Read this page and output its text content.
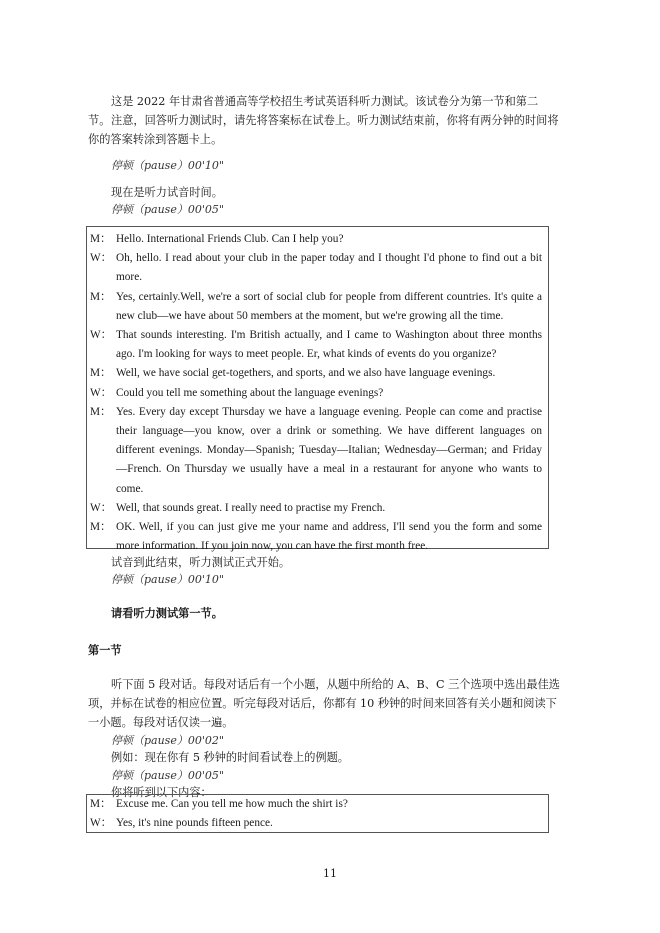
这是 2022 年甘肃省普通高等学校招生考试英语科听力测试。该试卷分为第一节和第二节。 注意，回答听力测试时，请先将答案标在试卷上。听力测试结束前，你将有两分钟的时间将你的答案转涂到答题卡上。
停顿（pause）00'10"
现在是听力试音时间。
停顿（pause）00'05"
M： Hello. International Friends Club. Can I help you?
W： Oh, hello. I read about your club in the paper today and I thought I'd phone to find out a bit more.
M： Yes, certainly.Well, we're a sort of social club for people from different countries. It's quite a new club—we have about 50 members at the moment, but we're growing all the time.
W： That sounds interesting. I'm British actually, and I came to Washington about three months ago. I'm looking for ways to meet people. Er, what kinds of events do you organize?
M： Well, we have social get-togethers, and sports, and we also have language evenings.
W： Could you tell me something about the language evenings?
M： Yes. Every day except Thursday we have a language evening. People can come and practise their language—you know, over a drink or something. We have different languages on different evenings. Monday—Spanish; Tuesday—Italian; Wednesday—German; and Friday—French. On Thursday we usually have a meal in a restaurant for anyone who wants to come.
W： Well, that sounds great. I really need to practise my French.
M： OK. Well, if you can just give me your name and address, I'll send you the form and some more information. If you join now, you can have the first month free.
试音到此结束，听力测试正式开始。
停顿（pause）00'10"
请看听力测试第一节。
第一节
听下面 5 段对话。每段对话后有一个小题，从题中所给的 A、B、C 三个选项中选出最佳选项，并标在试卷的相应位置。听完每段对话后，你都有 10 秒钟的时间来回答有关小题和阅读下一小题。每段对话仅读一遍。
停顿（pause）00'02"
例如：现在你有 5 秒钟的时间看试卷上的例题。
停顿（pause）00'05"
你将听到以下内容：
M： Excuse me. Can you tell me how much the shirt is?
W： Yes, it's nine pounds fifteen pence.
11
